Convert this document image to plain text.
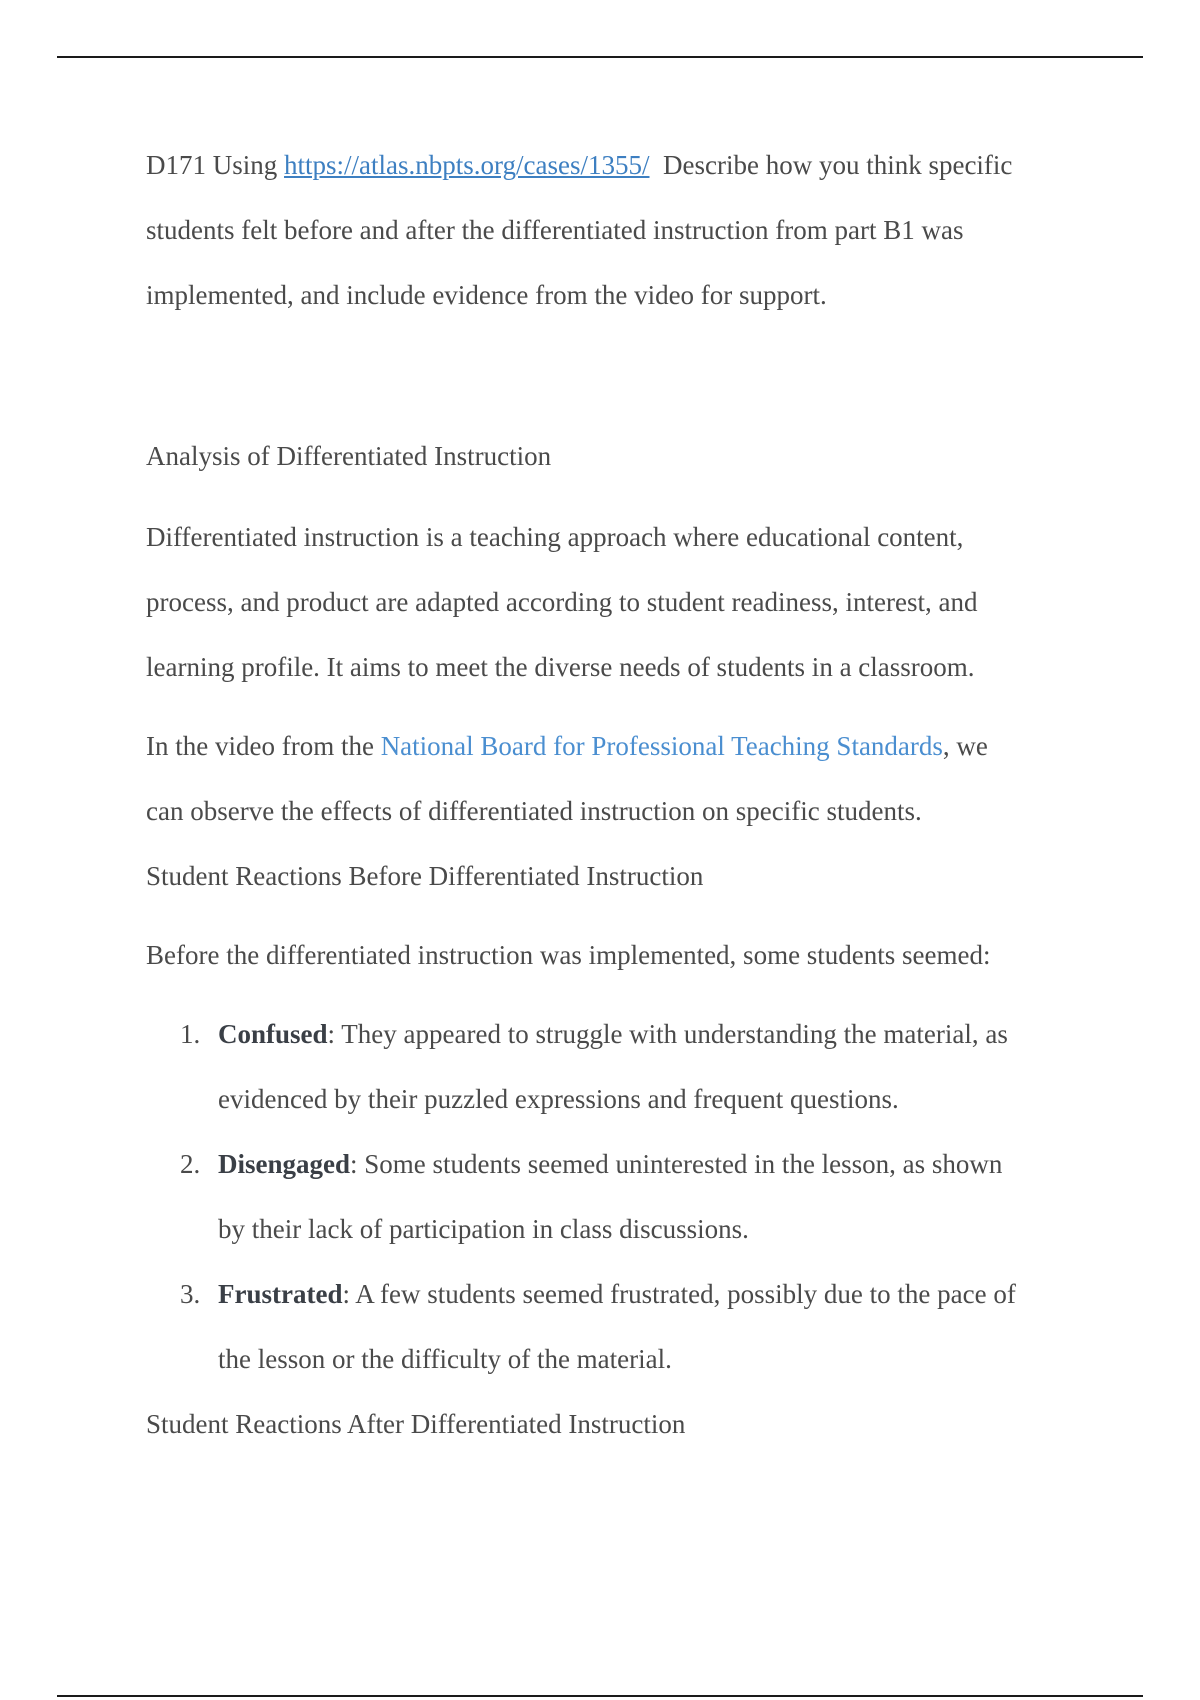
D171 Using https://atlas.nbpts.org/cases/1355/  Describe how you think specific
students felt before and after the differentiated instruction from part B1 was
implemented, and include evidence from the video for support.
Analysis of Differentiated Instruction
Differentiated instruction is a teaching approach where educational content,
process, and product are adapted according to student readiness, interest, and
learning profile. It aims to meet the diverse needs of students in a classroom.
In the video from the National Board for Professional Teaching Standards, we
can observe the effects of differentiated instruction on specific students.
Student Reactions Before Differentiated Instruction
Before the differentiated instruction was implemented, some students seemed:
1. Confused: They appeared to struggle with understanding the material, as
evidenced by their puzzled expressions and frequent questions.
2. Disengaged: Some students seemed uninterested in the lesson, as shown
by their lack of participation in class discussions.
3. Frustrated: A few students seemed frustrated, possibly due to the pace of
the lesson or the difficulty of the material.
Student Reactions After Differentiated Instruction
